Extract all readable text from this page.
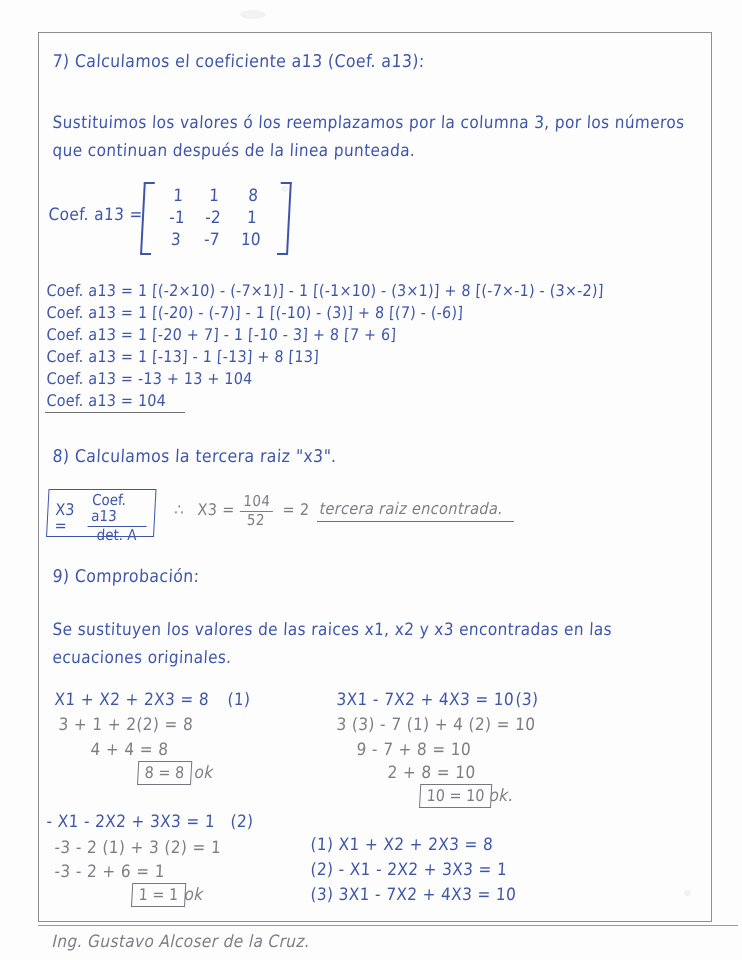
7) Calculamos el coeficiente a13 (Coef. a13):
Sustituimos los valores ó los reemplazamos por la columna 3, por los números
que continuan después de la linea punteada.
Coef. a13 =
1	1	8
-1	-2	1
3	-7	10
Coef. a13 = 1 [(-2×10) - (-7×1)] - 1 [(-1×10) - (3×1)] + 8 [(-7×-1) - (3×-2)]
Coef. a13 = 1 [(-20) - (-7)] - 1 [(-10) - (3)] + 8 [(7) - (-6)]
Coef. a13 = 1 [-20 + 7] - 1 [-10 - 3] + 8 [7 + 6]
Coef. a13 = 1 [-13] - 1 [-13] + 8 [13]
Coef. a13 = -13 + 13 + 104
Coef. a13 = 104
8) Calculamos la tercera raiz "x3".
X3 =	$\frac{\text{Coef. a13}}{\det. A}$ ∴ $X3 = \frac{104}{52} = 2$ tercera raiz encontrada.
9) Comprobación:
Se sustituyen los valores de las raices x1, x2 y x3 encontradas en las
ecuaciones originales.
X1 + X2 + 2X3 = 8 (1)
3 + 1 + 2(2) = 8
4 + 4 = 8
8 = 8 ok
3X1 - 7X2 + 4X3 = 10 (3)
3 (3) - 7 (1) + 4 (2) = 10
9 - 7 + 8 = 10
2 + 8 = 10
10 = 10 ok.
- X1 - 2X2 + 3X3 = 1 (2)
-3 - 2 (1) + 3 (2) = 1
-3 - 2 + 6 = 1
1 = 1 ok
(1) X1 + X2 + 2X3 = 8
(2) - X1 - 2X2 + 3X3 = 1
(3) 3X1 - 7X2 + 4X3 = 10
Ing. Gustavo Alcoser de la Cruz.
